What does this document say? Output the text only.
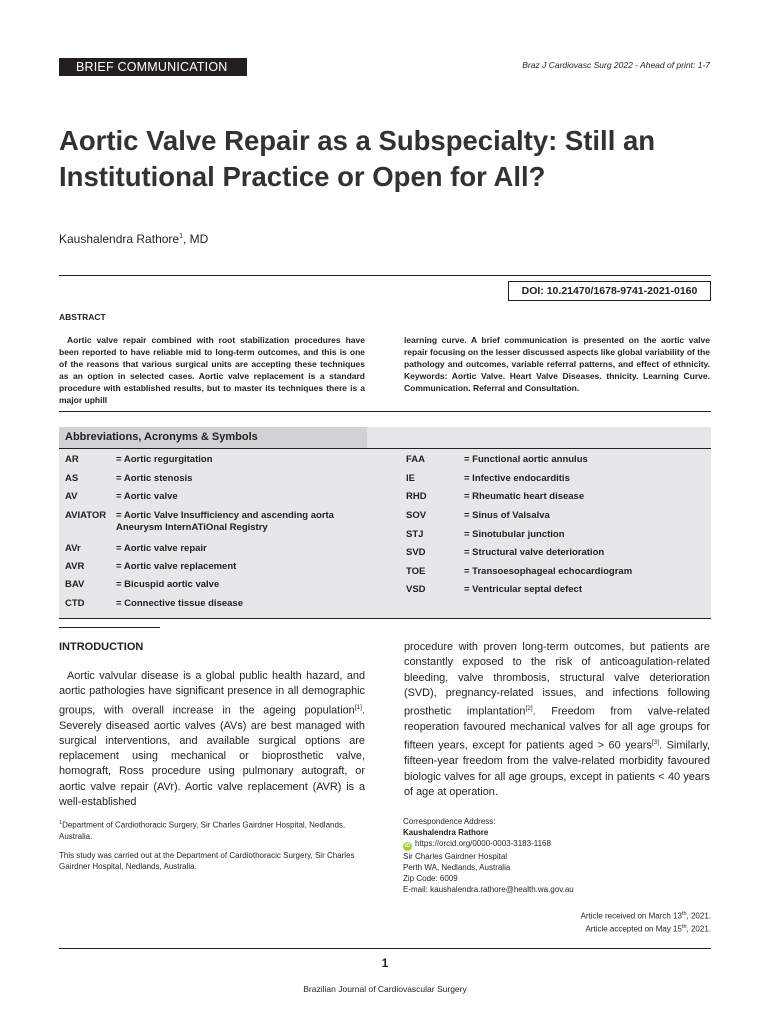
BRIEF COMMUNICATION	Braz J Cardiovasc Surg 2022 - Ahead of print: 1-7
Aortic Valve Repair as a Subspecialty: Still an Institutional Practice or Open for All?
Kaushalendra Rathore$^1$, MD
DOI: 10.21470/1678-9741-2021-0160
ABSTRACT
Aortic valve repair combined with root stabilization procedures have been reported to have reliable mid to long-term outcomes, and this is one of the reasons that various surgical units are accepting these techniques as an option in selected cases. Aortic valve replacement is a standard procedure with established results, but to master its techniques there is a major uphill
learning curve. A brief communication is presented on the aortic valve repair focusing on the lesser discussed aspects like global variability of the pathology and outcomes, variable referral patterns, and effect of ethnicity. Keywords: Aortic Valve. Heart Valve Diseases. thnicity. Learning Curve. Communication. Referral and Consultation.
Abbreviations, Acronyms & Symbols
AR	= Aortic regurgitation
AS	= Aortic stenosis
AV	= Aortic valve
AVIATOR = Aortic Valve Insufficiency and ascending aorta
Aneurysm InternATiOnal Registry
AVr	= Aortic valve repair
AVR	= Aortic valve replacement
BAV	= Bicuspid aortic valve
CTD	= Connective tissue disease
FAA	= Functional aortic annulus
IE	= Infective endocarditis
RHD	= Rheumatic heart disease
SOV	= Sinus of Valsalva
STJ	= Sinotubular junction
SVD	= Structural valve deterioration
TOE	= Transoesophageal echocardiogram
VSD	= Ventricular septal defect
INTRODUCTION

Aortic valvular disease is a global public health hazard, and aortic pathologies have significant presence in all demographic groups, with overall increase in the ageing population[1]. Severely diseased aortic valves (AVs) are best managed with surgical interventions, and available surgical options are replacement using mechanical or bioprosthetic valve, homograft, Ross procedure using pulmonary autograft, or aortic valve repair (AVr). Aortic valve replacement (AVR) is a well-established

procedure with proven long-term outcomes, but patients are constantly exposed to the risk of anticoagulation-related bleeding, valve thrombosis, structural valve deterioration (SVD), pregnancy-related issues, and infections following prosthetic implantation[2]. Freedom from valve-related reoperation favoured mechanical valves for all age groups for fifteen years, except for patients aged > 60 years[3]. Similarly, fifteen-year freedom from the valve-related morbidity favoured biologic valves for all age groups, except in patients < 40 years of age at operation.

$^1$Department of Cardiothoracic Surgery, Sir Charles Gairdner Hospital, Nedlands, Australia.
This study was carried out at the Department of Cardiothoracic Surgery, Sir Charles Gairdner Hospital, Nedlands, Australia.
Correspondence Address:
Kaushalendra Rathore
iD https://orcid.org/0000-0003-3183-1168
Sir Charles Gairdner Hospital
Perth WA, Nedlands, Australia
Zip Code: 6009
E-mail: kaushalendra.rathore@health.wa.gov.au
Article received on March 13th, 2021.
Article accepted on May 15th, 2021.
1
Brazilian Journal of Cardiovascular Surgery
